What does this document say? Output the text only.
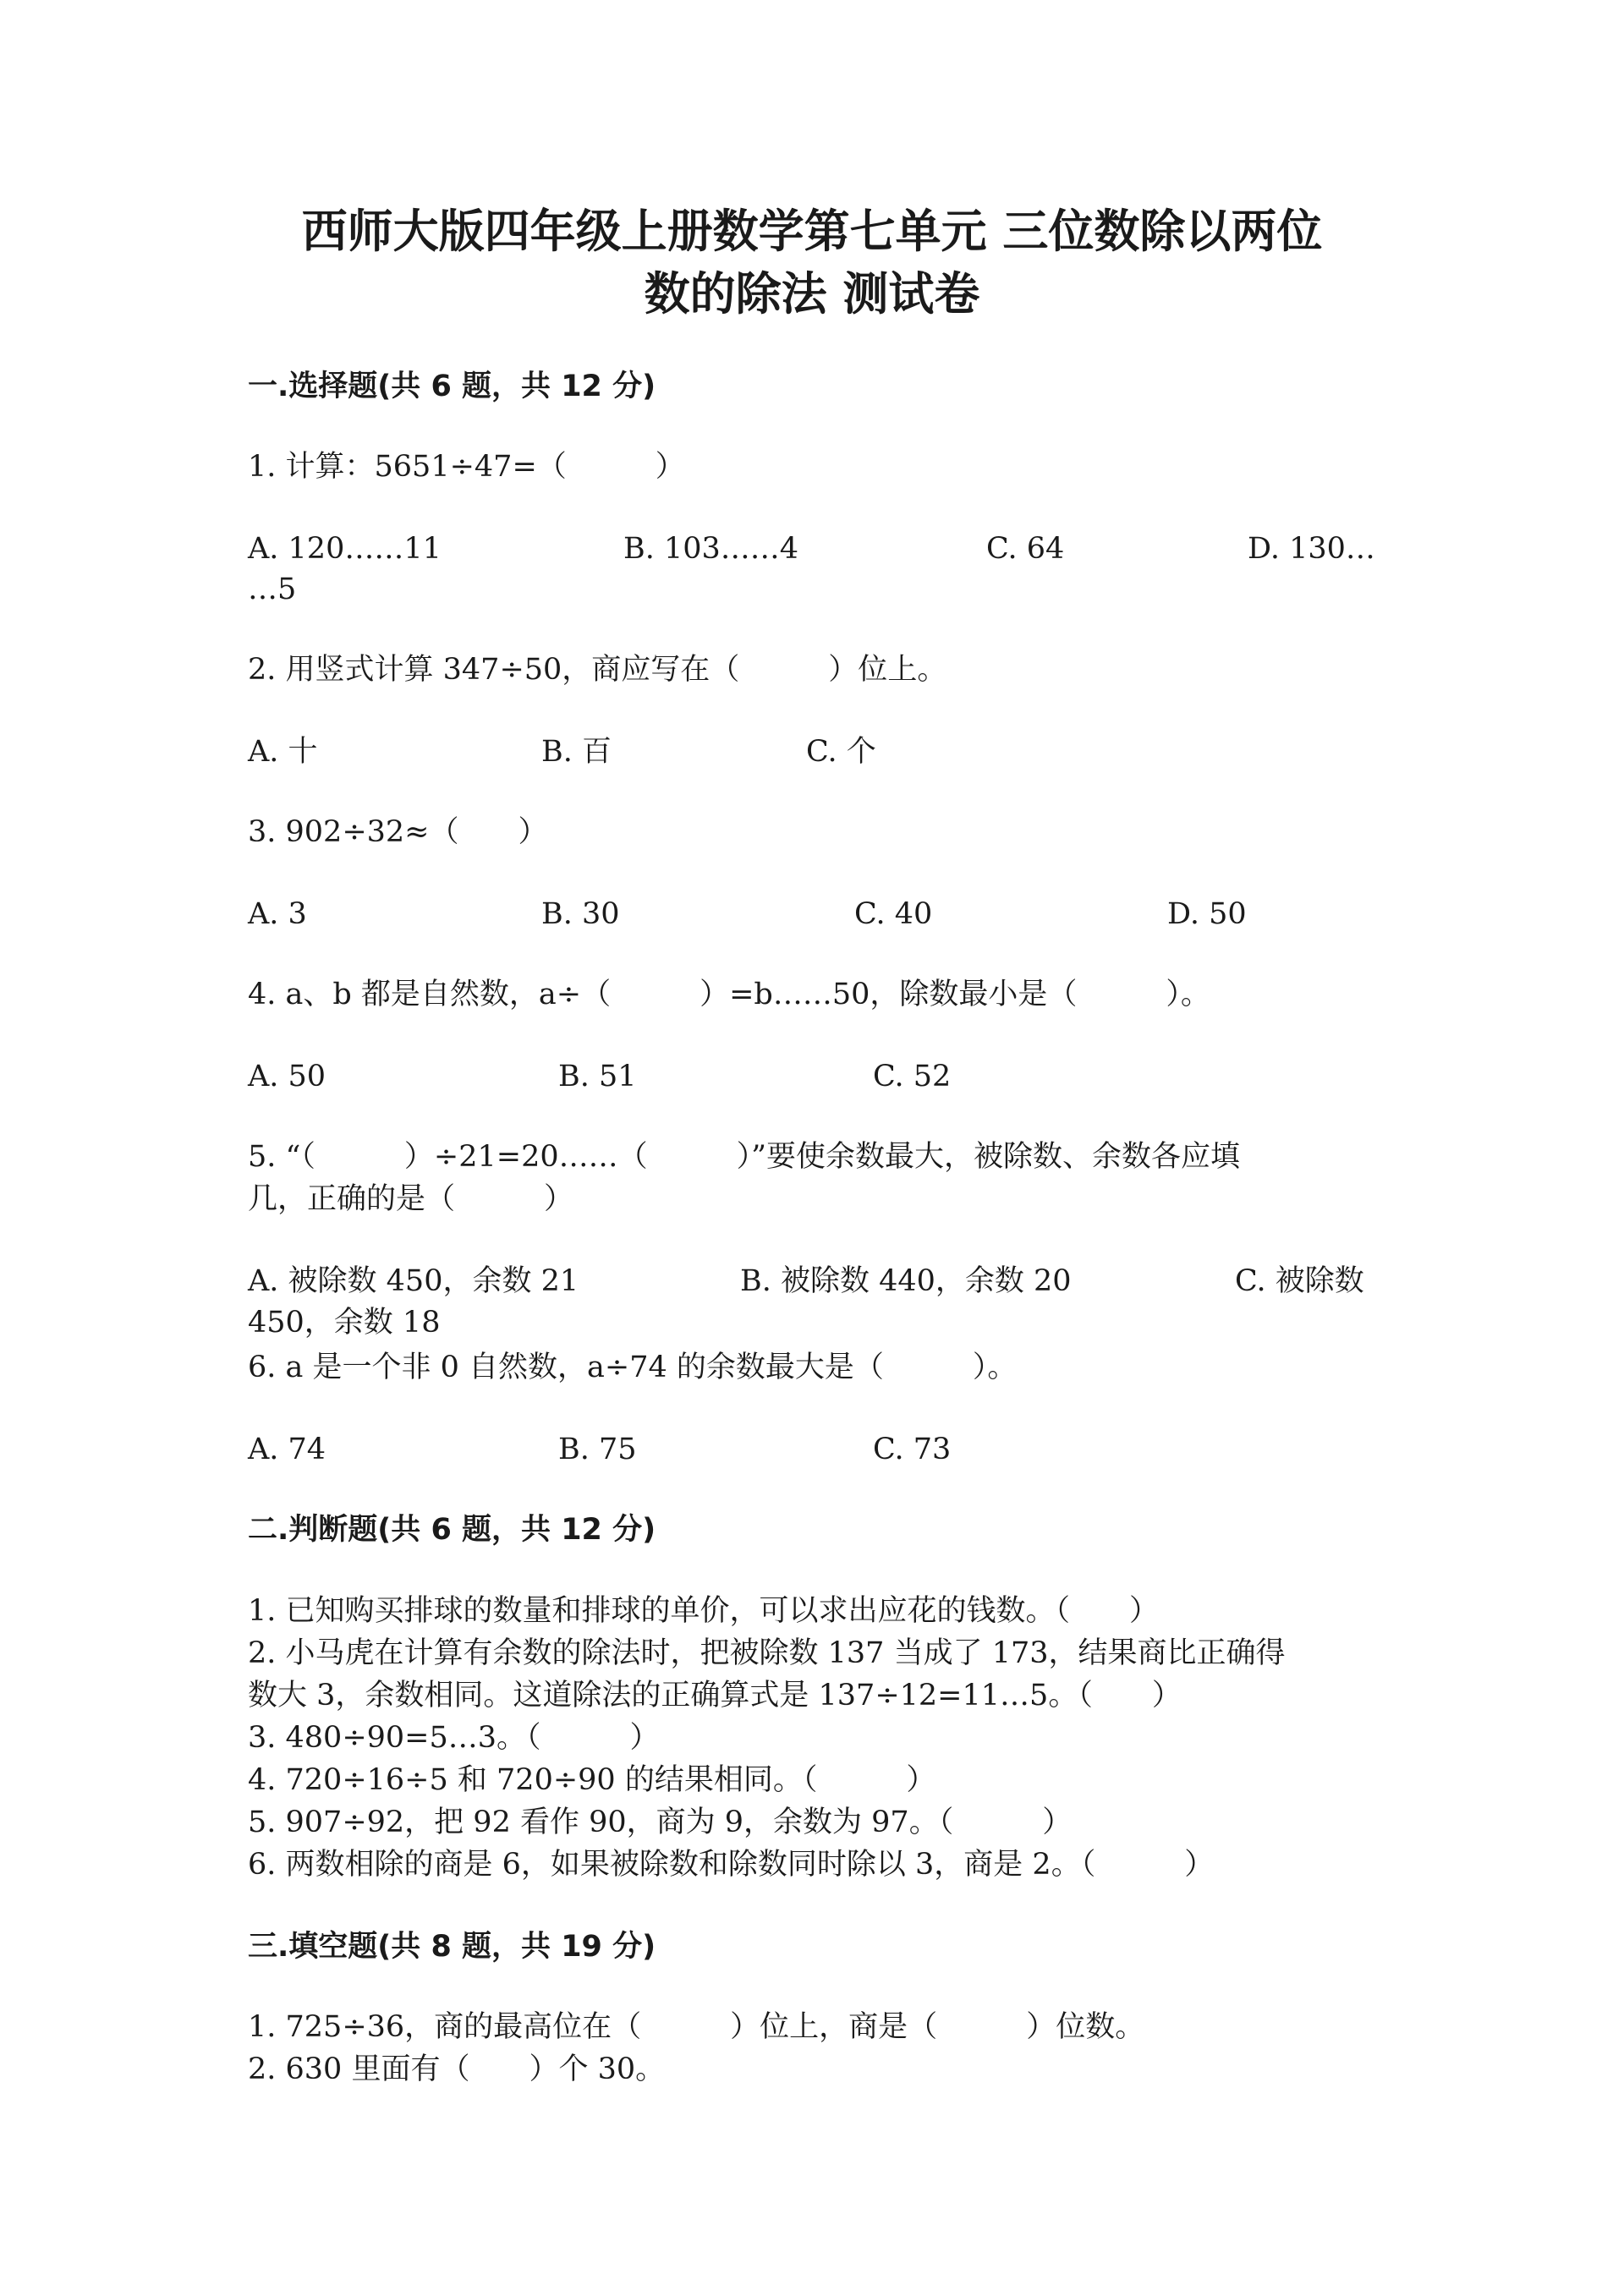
西师大版四年级上册数学第七单元 三位数除以两位
数的除法 测试卷
一.选择题(共 6 题，共 12 分)
1. 计算：5651÷47=（　　　）
A. 120……11	B. 103……4	C. 64	D. 130…
…5
2. 用竖式计算 347÷50，商应写在（　　　）位上。
A. 十	B. 百	C. 个
3. 902÷32≈（　　）
A. 3	B. 30	C. 40	D. 50
4. a、b 都是自然数，a÷（　　　）=b……50，除数最小是（　　　）。
A. 50	B. 51	C. 52
5. “（　　　）÷21=20……（　　　）”要使余数最大，被除数、余数各应填
几，正确的是（　　　）
A. 被除数 450，余数 21	B. 被除数 440，余数 20	C. 被除数
450，余数 18
6. a 是一个非 0 自然数，a÷74 的余数最大是（　　　）。
A. 74	B. 75	C. 73
二.判断题(共 6 题，共 12 分)
1. 已知购买排球的数量和排球的单价，可以求出应花的钱数。（　　）
2. 小马虎在计算有余数的除法时，把被除数 137 当成了 173，结果商比正确得
数大 3，余数相同。这道除法的正确算式是 137÷12=11…5。（　　）
3. 480÷90=5…3。（　　　）
4. 720÷16÷5 和 720÷90 的结果相同。（　　　）
5. 907÷92，把 92 看作 90，商为 9，余数为 97。（　　　）
6. 两数相除的商是 6，如果被除数和除数同时除以 3，商是 2。（　　　）
三.填空题(共 8 题，共 19 分)
1. 725÷36，商的最高位在（　　　）位上，商是（　　　）位数。
2. 630 里面有（　　）个 30。
